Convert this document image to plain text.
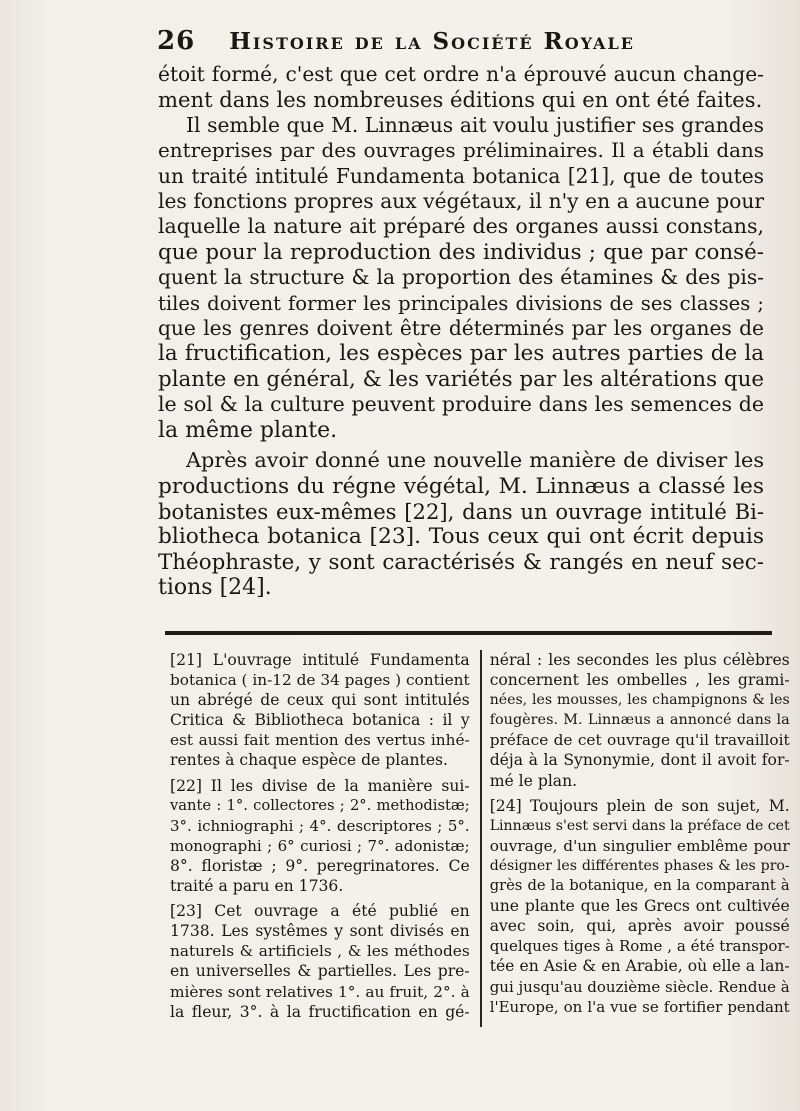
26 Histoire de la Société Royale

étoit formé, c'est que cet ordre n'a éprouvé aucun change-
ment dans les nombreuses éditions qui en ont été faites.

Il semble que M. Linnæus ait voulu justifier ses grandes
entreprises par des ouvrages préliminaires. Il a établi dans
un traité intitulé Fundamenta botanica [21], que de toutes
les fonctions propres aux végétaux, il n'y en a aucune pour
laquelle la nature ait préparé des organes aussi constans,
que pour la reproduction des individus ; que par consé-
quent la structure & la proportion des étamines & des pis-
tiles doivent former les principales divisions de ses classes ;
que les genres doivent être déterminés par les organes de
la fructification, les espèces par les autres parties de la
plante en général, & les variétés par les altérations que
le sol & la culture peuvent produire dans les semences de
la même plante.

Après avoir donné une nouvelle manière de diviser les
productions du régne végétal, M. Linnæus a classé les
botanistes eux-mêmes [22], dans un ouvrage intitulé Bi-
bliotheca botanica [23]. Tous ceux qui ont écrit depuis
Théophraste, y sont caractérisés & rangés en neuf sec-
tions [24].

[21] L'ouvrage intitulé Fundamenta
botanica ( in-12 de 34 pages ) contient
un abrégé de ceux qui sont intitulés
Critica & Bibliotheca botanica : il y
est aussi fait mention des vertus inhé-
rentes à chaque espèce de plantes.

[22] Il les divise de la manière sui-
vante : 1°. collectores ; 2°. methodistæ;
3°. ichniographi ; 4°. descriptores ; 5°.
monographi ; 6° curiosi ; 7°. adonistæ;
8°. floristæ ; 9°. peregrinatores. Ce
traité a paru en 1736.

[23] Cet ouvrage a été publié en
1738. Les systêmes y sont divisés en
naturels & artificiels , & les méthodes
en universelles & partielles. Les pre-
mières sont relatives 1°. au fruit, 2°. à
la fleur, 3°. à la fructification en gé-

néral : les secondes les plus célèbres
concernent les ombelles , les grami-
nées, les mousses, les champignons & les
fougères. M. Linnæus a annoncé dans la
préface de cet ouvrage qu'il travailloit
déja à la Synonymie, dont il avoit for-
mé le plan.

[24] Toujours plein de son sujet, M.
Linnæus s'est servi dans la préface de cet
ouvrage, d'un singulier emblême pour
désigner les différentes phases & les pro-
grès de la botanique, en la comparant à
une plante que les Grecs ont cultivée
avec soin, qui, après avoir poussé
quelques tiges à Rome , a été transpor-
tée en Asie & en Arabie, où elle a lan-
gui jusqu'au douzième siècle. Rendue à
l'Europe, on l'a vue se fortifier pendant
